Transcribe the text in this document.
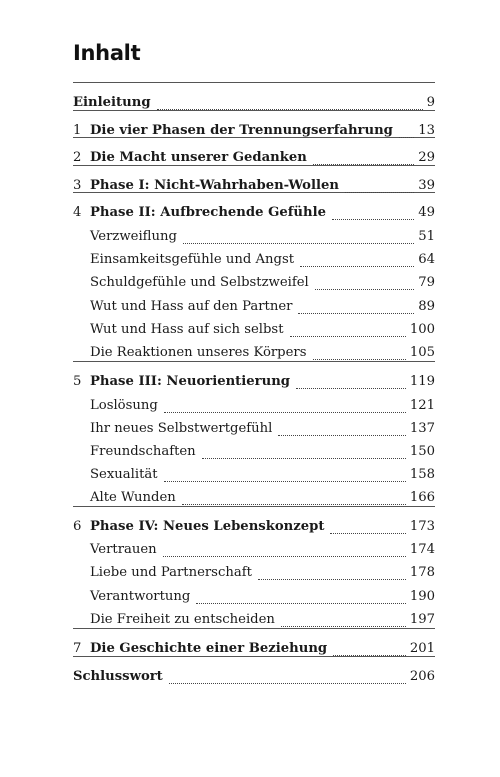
Inhalt
Einleitung	9
1 Die vier Phasen der Trennungserfahrung 13
2 Die Macht unserer Gedanken	29
3 Phase I: Nicht-Wahrhaben-Wollen	39
4 Phase II: Aufbrechende Gefühle	49
Verzweiflung	51
Einsamkeitsgefühle und Angst	64
Schuldgefühle und Selbstzweifel	79
Wut und Hass auf den Partner	89
Wut und Hass auf sich selbst	100
Die Reaktionen unseres Körpers	105
5 Phase III: Neuorientierung	119
Loslösung	121
Ihr neues Selbstwertgefühl	137
Freundschaften	150
Sexualität	158
Alte Wunden	166
6 Phase IV: Neues Lebenskonzept	173
Vertrauen	174
Liebe und Partnerschaft	178
Verantwortung	190
Die Freiheit zu entscheiden	197
7 Die Geschichte einer Beziehung	201
Schlusswort	206
